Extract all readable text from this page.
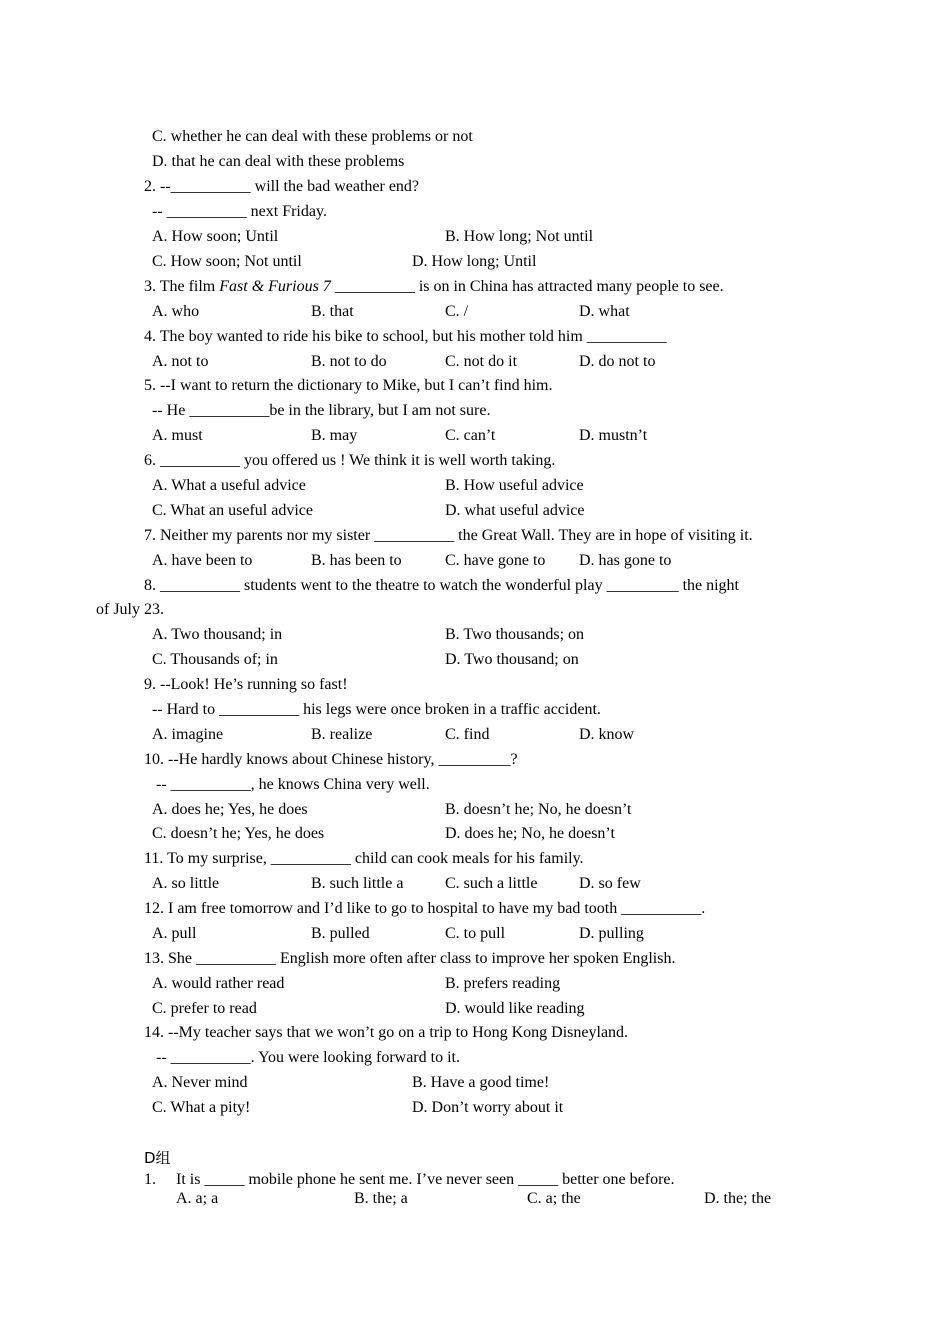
C. whether he can deal with these problems or not
D. that he can deal with these problems
2. --__________ will the bad weather end?
-- __________ next Friday.
A. How soon; Until	B. How long; Not until
C. How soon; Not until	D. How long; Until
3. The film Fast & Furious 7 __________ is on in China has attracted many people to see.
A. who	B. that	C. /	D. what
4. The boy wanted to ride his bike to school, but his mother told him __________
A. not to	B. not to do	C. not do it	D. do not to
5. --I want to return the dictionary to Mike, but I can’t find him.
-- He __________be in the library, but I am not sure.
A. must	B. may	C. can’t	D. mustn’t
6. __________ you offered us ! We think it is well worth taking.
A. What a useful advice	B. How useful advice
C. What an useful advice	D. what useful advice
7. Neither my parents nor my sister __________ the Great Wall. They are in hope of visiting it.
A. have been to	B. has been to	C. have gone to D. has gone to
8. __________ students went to the theatre to watch the wonderful play _________ the night
of July 23.
A. Two thousand; in	B. Two thousands; on
C. Thousands of; in	D. Two thousand; on
9. --Look! He’s running so fast!
-- Hard to __________ his legs were once broken in a traffic accident.
A. imagine	B. realize	C. find	D. know
10. --He hardly knows about Chinese history, _________?
-- __________, he knows China very well.
A. does he; Yes, he does	B. doesn’t he; No, he doesn’t
C. doesn’t he; Yes, he does	D. does he; No, he doesn’t
11. To my surprise, __________ child can cook meals for his family.
A. so little	B. such little a	C. such a little	D. so few
12. I am free tomorrow and I’d like to go to hospital to have my bad tooth __________.
A. pull	B. pulled	C. to pull	D. pulling
13. She __________ English more often after class to improve her spoken English.
A. would rather read	B. prefers reading
C. prefer to read	D. would like reading
14. --My teacher says that we won’t go on a trip to Hong Kong Disneyland.
-- __________. You were looking forward to it.
A. Never mind	B. Have a good time!
C. What a pity!	D. Don’t worry about it
D组
1. It is _____ mobile phone he sent me. I’ve never seen _____ better one before.
A. a; a	B. the; a	C. a; the	D. the; the
